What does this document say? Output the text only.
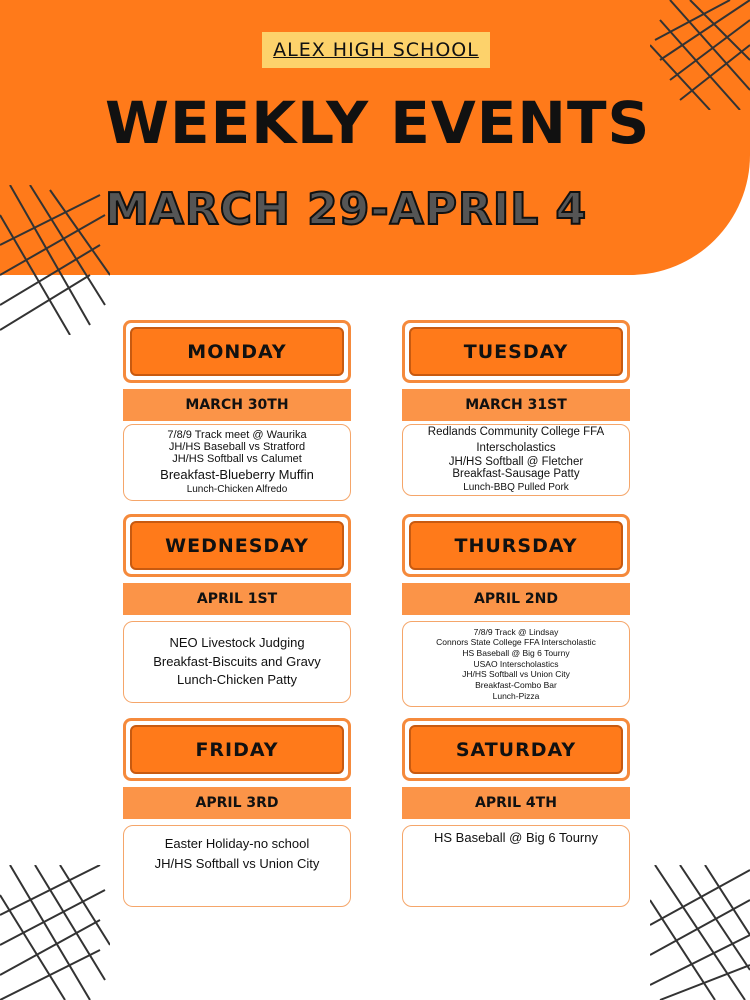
ALEX HIGH SCHOOL
WEEKLY EVENTS
MARCH 29-APRIL 4
MONDAY
MARCH 30TH
7/8/9 Track meet @ Waurika
JH/HS Baseball vs Stratford
JH/HS Softball vs Calumet
Breakfast-Blueberry Muffin
Lunch-Chicken Alfredo
TUESDAY
MARCH 31ST
Redlands Community College FFA
Interscholastics
JH/HS Softball @ Fletcher
Breakfast-Sausage Patty
Lunch-BBQ Pulled Pork
WEDNESDAY
APRIL 1ST
NEO Livestock Judging
Breakfast-Biscuits and Gravy
Lunch-Chicken Patty
THURSDAY
APRIL 2ND
7/8/9 Track @ Lindsay
Connors State College FFA Interscholastic
HS Baseball @ Big 6 Tourny
USAO Interscholastics
JH/HS Softball vs Union City
Breakfast-Combo Bar
Lunch-Pizza
FRIDAY
APRIL 3RD
Easter Holiday-no school
JH/HS Softball vs Union City
SATURDAY
APRIL 4TH
HS Baseball @ Big 6 Tourny
